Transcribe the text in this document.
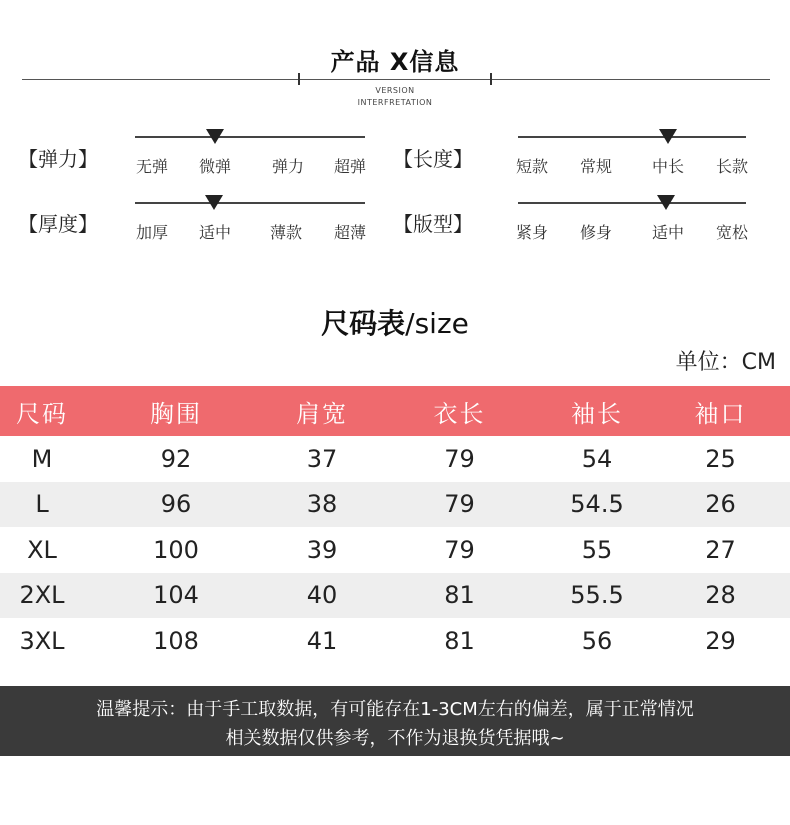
产品 X信息
VERSION
INTERFRETATION
【弹力】	无弹	微弹	弹力	超弹	【长度】	短款	常规	中长	长款
【厚度】	加厚	适中	薄款	超薄	【版型】	紧身	修身	适中	宽松
尺码表/size
单位：CM
尺码	胸围	肩宽	衣长	袖长	袖口
M	92	37	79	54	25
L	96	38	79	54.5	26
XL	100	39	79	55	27
2XL	104	40	81	55.5	28
3XL	108	41	81	56	29
温馨提示：由于手工取数据，有可能存在1-3CM左右的偏差，属于正常情况
相关数据仅供参考，不作为退换货凭据哦~
